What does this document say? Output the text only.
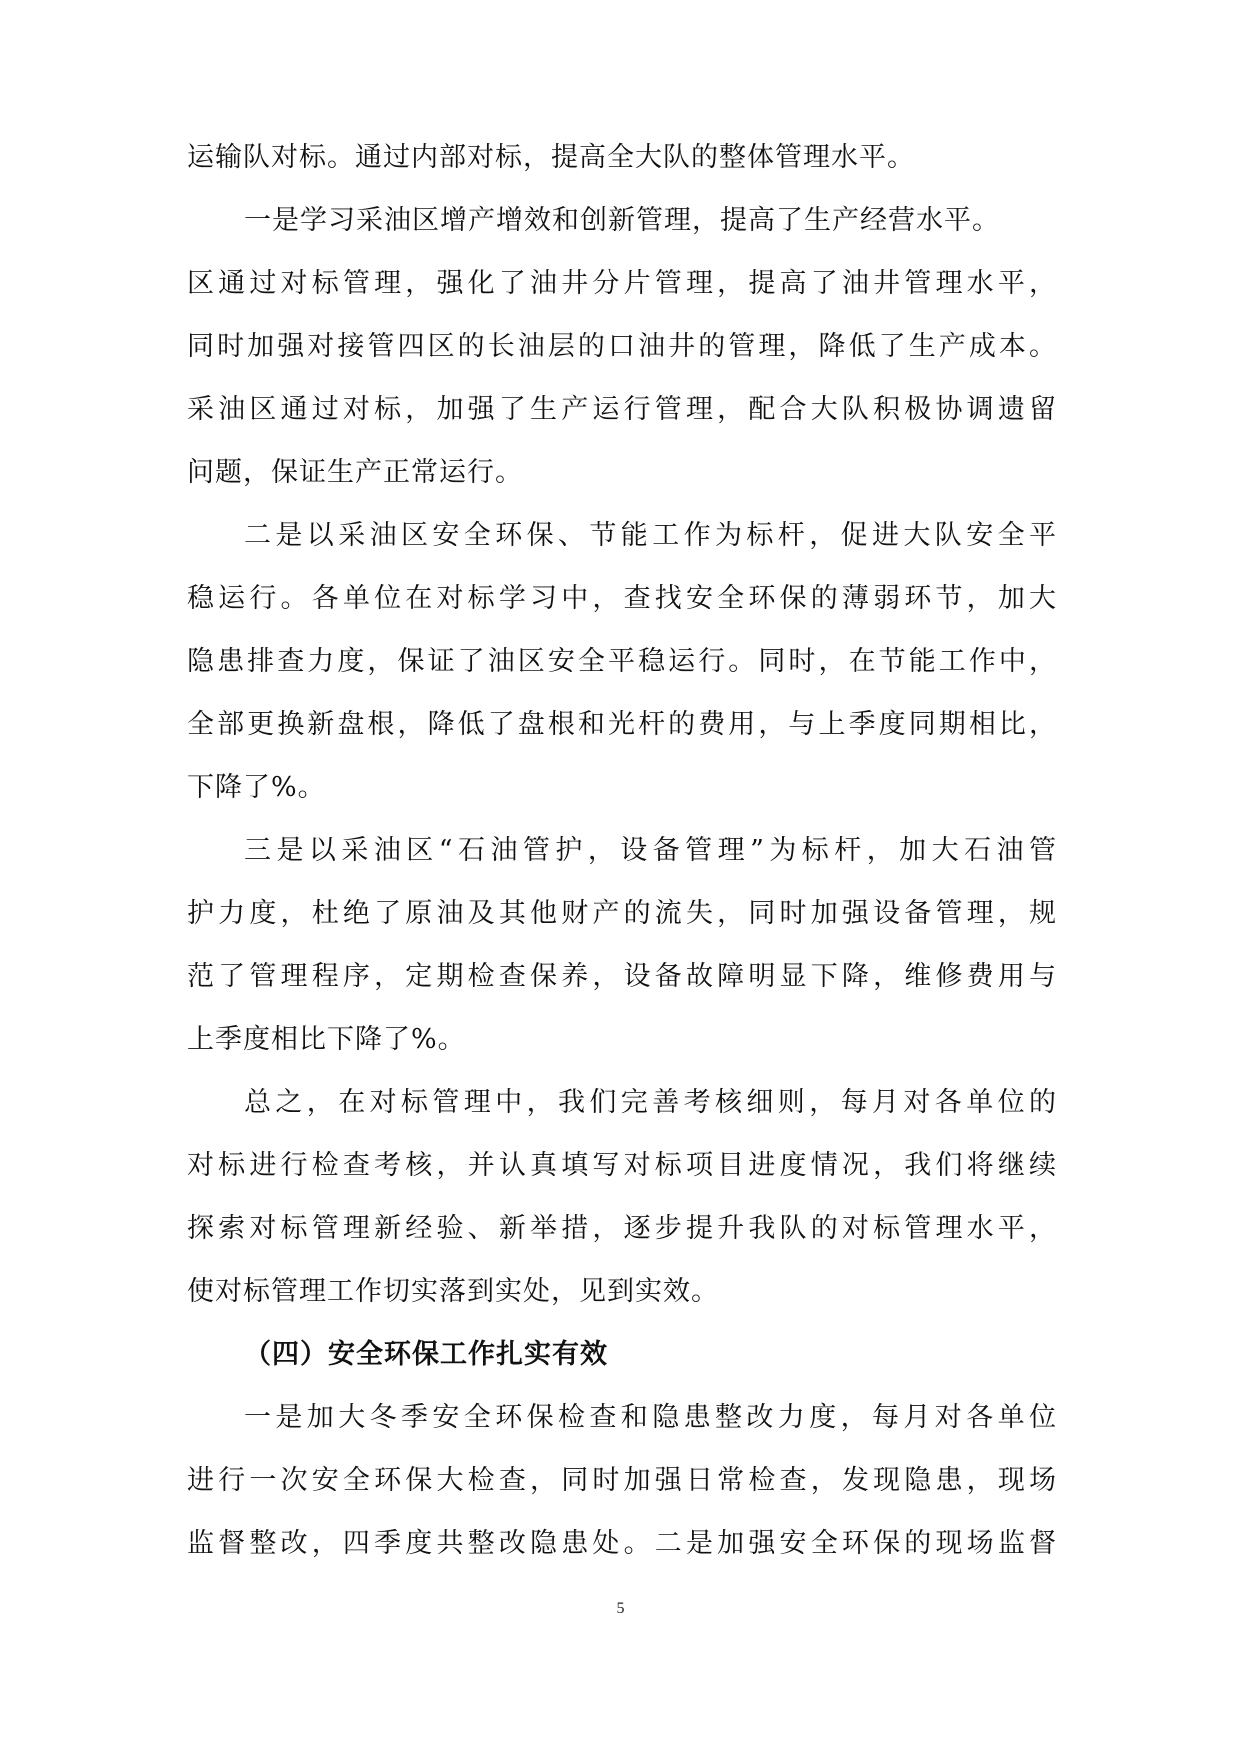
运输队对标。通过内部对标，提高全大队的整体管理水平。
一是学习采油区增产增效和创新管理，提高了生产经营水平。
区通过对标管理，强化了油井分片管理，提高了油井管理水平，
同时加强对接管四区的长油层的口油井的管理，降低了生产成本。
采油区通过对标，加强了生产运行管理，配合大队积极协调遗留
问题，保证生产正常运行。
二是以采油区安全环保、节能工作为标杆，促进大队安全平
稳运行。各单位在对标学习中，查找安全环保的薄弱环节，加大
隐患排查力度，保证了油区安全平稳运行。同时，在节能工作中，
全部更换新盘根，降低了盘根和光杆的费用，与上季度同期相比，
下降了%。
三是以采油区“石油管护，设备管理”为标杆，加大石油管
护力度，杜绝了原油及其他财产的流失，同时加强设备管理，规
范了管理程序，定期检查保养，设备故障明显下降，维修费用与
上季度相比下降了%。
总之，在对标管理中，我们完善考核细则，每月对各单位的
对标进行检查考核，并认真填写对标项目进度情况，我们将继续
探索对标管理新经验、新举措，逐步提升我队的对标管理水平，
使对标管理工作切实落到实处，见到实效。
（四）安全环保工作扎实有效
一是加大冬季安全环保检查和隐患整改力度，每月对各单位
进行一次安全环保大检查，同时加强日常检查，发现隐患，现场
监督整改，四季度共整改隐患处。二是加强安全环保的现场监督
5
